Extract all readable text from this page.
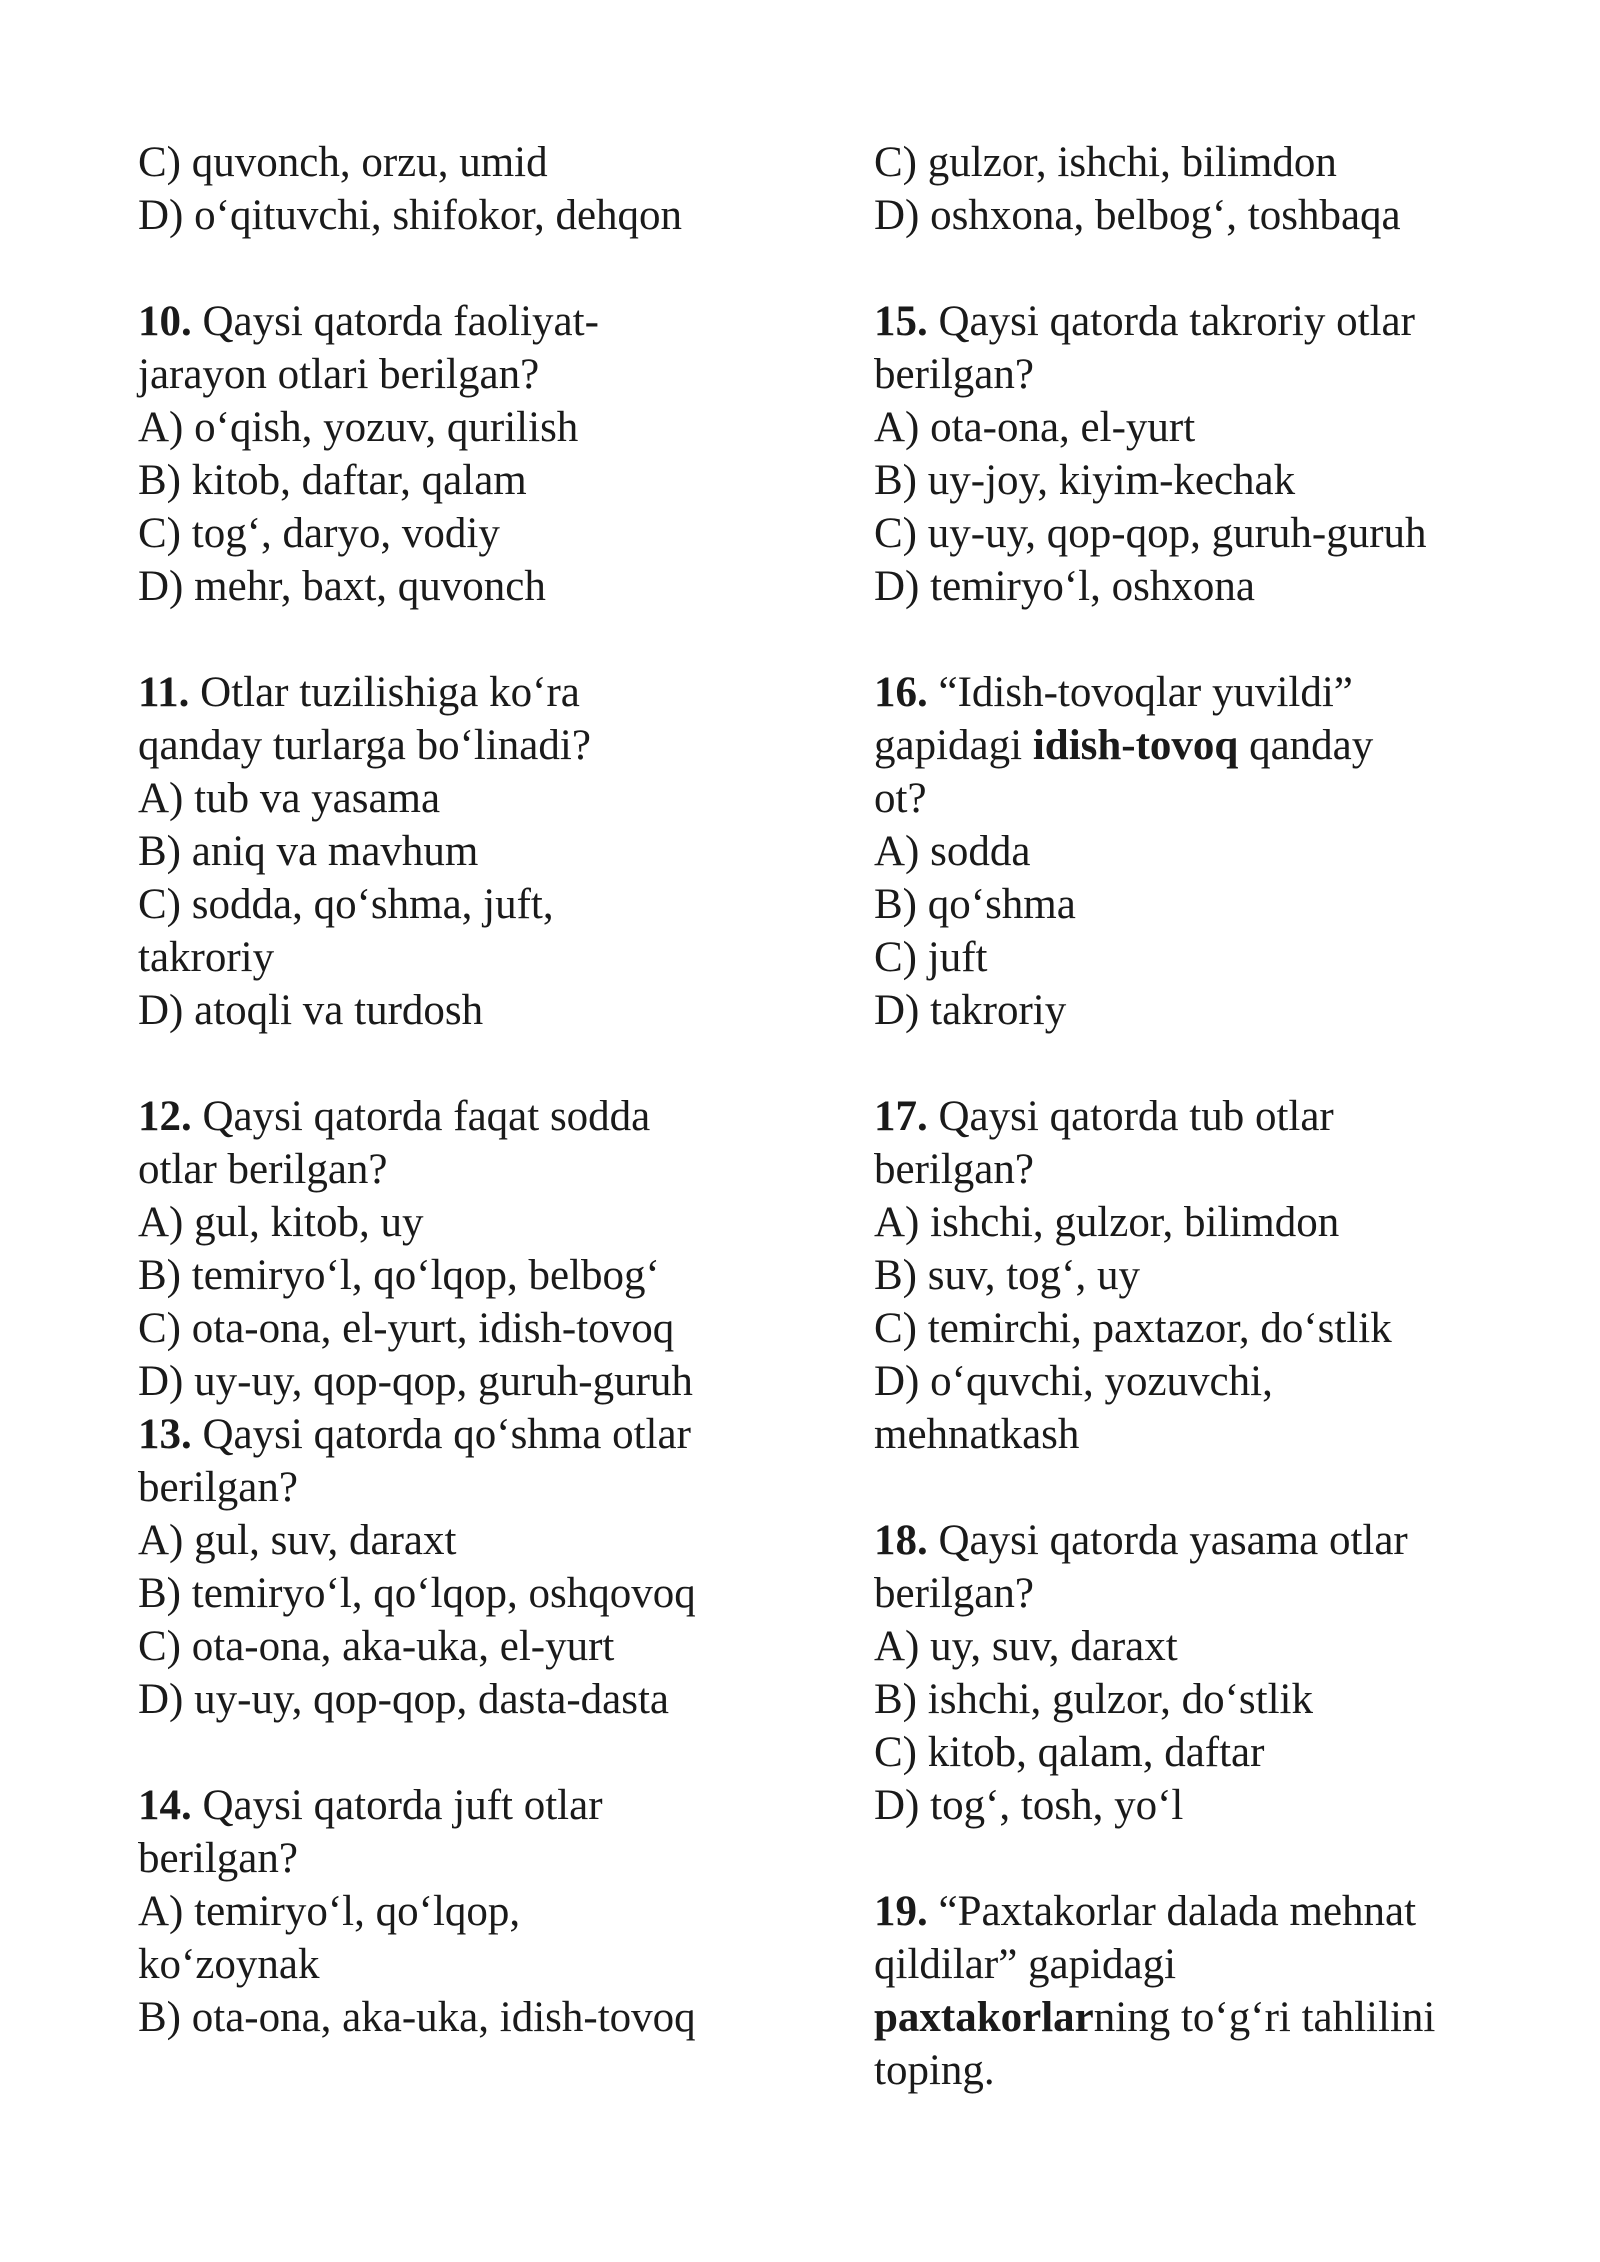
C) quvonch, orzu, umid
D) o‘qituvchi, shifokor, dehqon
10. Qaysi qatorda faoliyat-
jarayon otlari berilgan?
A) o‘qish, yozuv, qurilish
B) kitob, daftar, qalam
C) tog‘, daryo, vodiy
D) mehr, baxt, quvonch
11. Otlar tuzilishiga ko‘ra
qanday turlarga bo‘linadi?
A) tub va yasama
B) aniq va mavhum
C) sodda, qo‘shma, juft,
takroriy
D) atoqli va turdosh
12. Qaysi qatorda faqat sodda
otlar berilgan?
A) gul, kitob, uy
B) temiryo‘l, qo‘lqop, belbog‘
C) ota-ona, el-yurt, idish-tovoq
D) uy-uy, qop-qop, guruh-guruh
13. Qaysi qatorda qo‘shma otlar
berilgan?
A) gul, suv, daraxt
B) temiryo‘l, qo‘lqop, oshqovoq
C) ota-ona, aka-uka, el-yurt
D) uy-uy, qop-qop, dasta-dasta
14. Qaysi qatorda juft otlar
berilgan?
A) temiryo‘l, qo‘lqop,
ko‘zoynak
B) ota-ona, aka-uka, idish-tovoq
C) gulzor, ishchi, bilimdon
D) oshxona, belbog‘, toshbaqa
15. Qaysi qatorda takroriy otlar
berilgan?
A) ota-ona, el-yurt
B) uy-joy, kiyim-kechak
C) uy-uy, qop-qop, guruh-guruh
D) temiryo‘l, oshxona
16. “Idish-tovoqlar yuvildi”
gapidagi idish-tovoq qanday
ot?
A) sodda
B) qo‘shma
C) juft
D) takroriy
17. Qaysi qatorda tub otlar
berilgan?
A) ishchi, gulzor, bilimdon
B) suv, tog‘, uy
C) temirchi, paxtazor, do‘stlik
D) o‘quvchi, yozuvchi,
mehnatkash
18. Qaysi qatorda yasama otlar
berilgan?
A) uy, suv, daraxt
B) ishchi, gulzor, do‘stlik
C) kitob, qalam, daftar
D) tog‘, tosh, yo‘l
19. “Paxtakorlar dalada mehnat
qildilar” gapidagi
paxtakorlarning to‘g‘ri tahlilini
toping.
